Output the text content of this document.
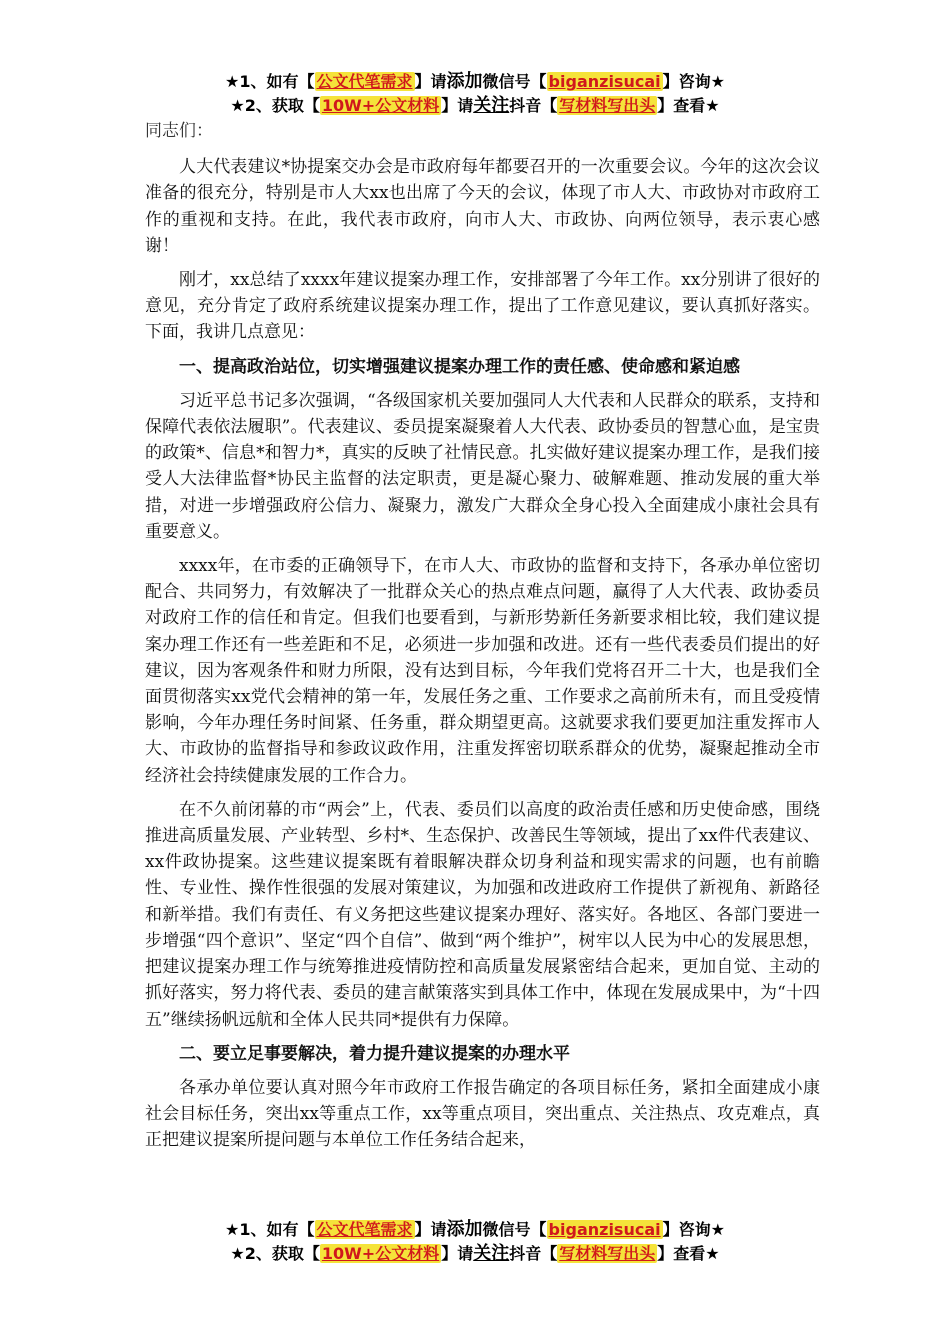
★1、如有【 公文代笔需求 】请添加微信号【 biganzisucai 】咨询★
★2、获取【 10W+公文材料 】请关注抖音【 写材料写出头 】查看★

同志们：

人大代表建议*协提案交办会是市政府每年都要召开的一次重要会议。今年的这次会议准备的很充分，特别是市人大xx也出席了今天的会议，体现了市人大、市政协对市政府工作的重视和支持。在此，我代表市政府，向市人大、市政协、向两位领导，表示衷心感谢！

刚才，xx总结了xxxx年建议提案办理工作，安排部署了今年工作。xx分别讲了很好的意见，充分肯定了政府系统建议提案办理工作，提出了工作意见建议，要认真抓好落实。下面，我讲几点意见：

一、提高政治站位，切实增强建议提案办理工作的责任感、使命感和紧迫感

习近平总书记多次强调，“各级国家机关要加强同人大代表和人民群众的联系，支持和保障代表依法履职”。代表建议、委员提案凝聚着人大代表、政协委员的智慧心血，是宝贵的政策*、信息*和智力*，真实的反映了社情民意。扎实做好建议提案办理工作，是我们接受人大法律监督*协民主监督的法定职责，更是凝心聚力、破解难题、推动发展的重大举措，对进一步增强政府公信力、凝聚力，激发广大群众全身心投入全面建成小康社会具有重要意义。

xxxx年，在市委的正确领导下，在市人大、市政协的监督和支持下，各承办单位密切配合、共同努力，有效解决了一批群众关心的热点难点问题，赢得了人大代表、政协委员对政府工作的信任和肯定。但我们也要看到，与新形势新任务新要求相比较，我们建议提案办理工作还有一些差距和不足，必须进一步加强和改进。还有一些代表委员们提出的好建议，因为客观条件和财力所限，没有达到目标，今年我们党将召开二十大，也是我们全面贯彻落实xx党代会精神的第一年，发展任务之重、工作要求之高前所未有，而且受疫情影响，今年办理任务时间紧、任务重，群众期望更高。这就要求我们要更加注重发挥市人大、市政协的监督指导和参政议政作用，注重发挥密切联系群众的优势，凝聚起推动全市经济社会持续健康发展的工作合力。

在不久前闭幕的市“两会”上，代表、委员们以高度的政治责任感和历史使命感，围绕推进高质量发展、产业转型、乡村*、生态保护、改善民生等领域，提出了xx件代表建议、xx件政协提案。这些建议提案既有着眼解决群众切身利益和现实需求的问题，也有前瞻性、专业性、操作性很强的发展对策建议，为加强和改进政府工作提供了新视角、新路径和新举措。我们有责任、有义务把这些建议提案办理好、落实好。各地区、各部门要进一步增强“四个意识”、坚定“四个自信”、做到“两个维护”，树牢以人民为中心的发展思想，把建议提案办理工作与统筹推进疫情防控和高质量发展紧密结合起来，更加自觉、主动的抓好落实，努力将代表、委员的建言献策落实到具体工作中，体现在发展成果中，为“十四五”继续扬帆远航和全体人民共同*提供有力保障。

二、要立足事要解决，着力提升建议提案的办理水平

各承办单位要认真对照今年市政府工作报告确定的各项目标任务，紧扣全面建成小康社会目标任务，突出xx等重点工作，xx等重点项目，突出重点、关注热点、攻克难点，真正把建议提案所提问题与本单位工作任务结合起来，

★1、如有【 公文代笔需求 】请添加微信号【 biganzisucai 】咨询★
★2、获取【 10W+公文材料 】请关注抖音【 写材料写出头 】查看★
